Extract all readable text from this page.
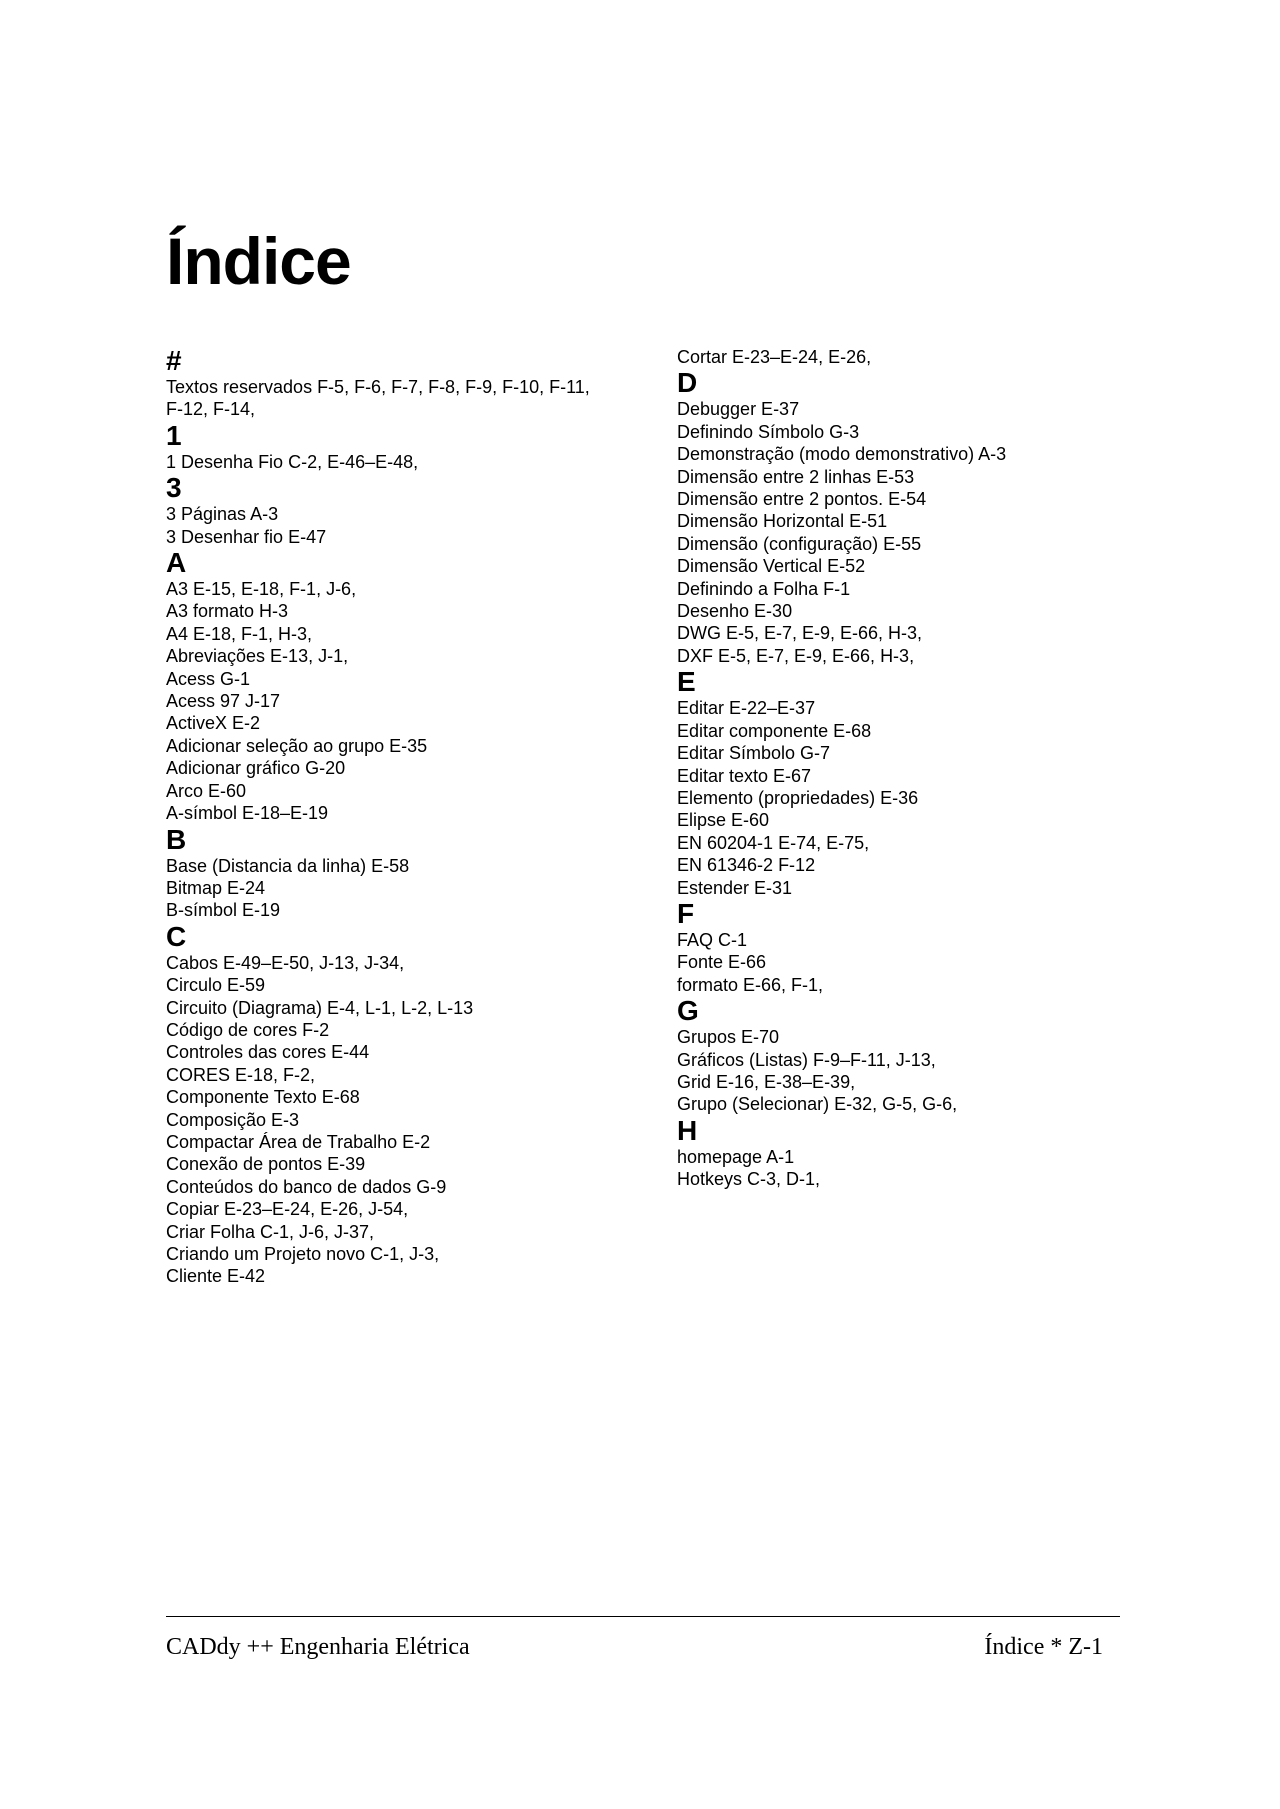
Índice
#
Textos reservados F-5, F-6, F-7, F-8, F-9, F-10, F-11, F-12, F-14,
1
1 Desenha Fio C-2, E-46–E-48,
3
3 Páginas A-3
3 Desenhar fio E-47
A
A3 E-15, E-18, F-1, J-6,
A3 formato H-3
A4 E-18, F-1, H-3,
Abreviações E-13, J-1,
Acess G-1
Acess 97 J-17
ActiveX E-2
Adicionar seleção ao grupo E-35
Adicionar gráfico G-20
Arco E-60
A-símbol E-18–E-19
B
Base (Distancia da linha) E-58
Bitmap E-24
B-símbol E-19
C
Cabos E-49–E-50, J-13, J-34,
Circulo E-59
Circuito (Diagrama) E-4, L-1, L-2, L-13
Código de cores F-2
Controles das cores E-44
CORES E-18, F-2,
Componente Texto E-68
Composição E-3
Compactar Área de Trabalho E-2
Conexão de pontos E-39
Conteúdos do banco de dados G-9
Copiar E-23–E-24, E-26, J-54,
Criar Folha C-1, J-6, J-37,
Criando um Projeto novo C-1, J-3,
Cliente E-42
Cortar E-23–E-24, E-26,
D
Debugger E-37
Definindo Símbolo G-3
Demonstração (modo demonstrativo) A-3
Dimensão entre 2 linhas E-53
Dimensão entre 2 pontos. E-54
Dimensão Horizontal E-51
Dimensão (configuração) E-55
Dimensão Vertical E-52
Definindo a Folha F-1
Desenho E-30
DWG E-5, E-7, E-9, E-66, H-3,
DXF E-5, E-7, E-9, E-66, H-3,
E
Editar E-22–E-37
Editar componente E-68
Editar Símbolo G-7
Editar texto E-67
Elemento (propriedades) E-36
Elipse E-60
EN 60204-1 E-74, E-75,
EN 61346-2 F-12
Estender E-31
F
FAQ C-1
Fonte E-66
formato E-66, F-1,
G
Grupos E-70
Gráficos (Listas) F-9–F-11, J-13,
Grid E-16, E-38–E-39,
Grupo (Selecionar) E-32, G-5, G-6,
H
homepage A-1
Hotkeys C-3, D-1,
CADdy ++ Engenharia Elétrica	Índice * Z-1
